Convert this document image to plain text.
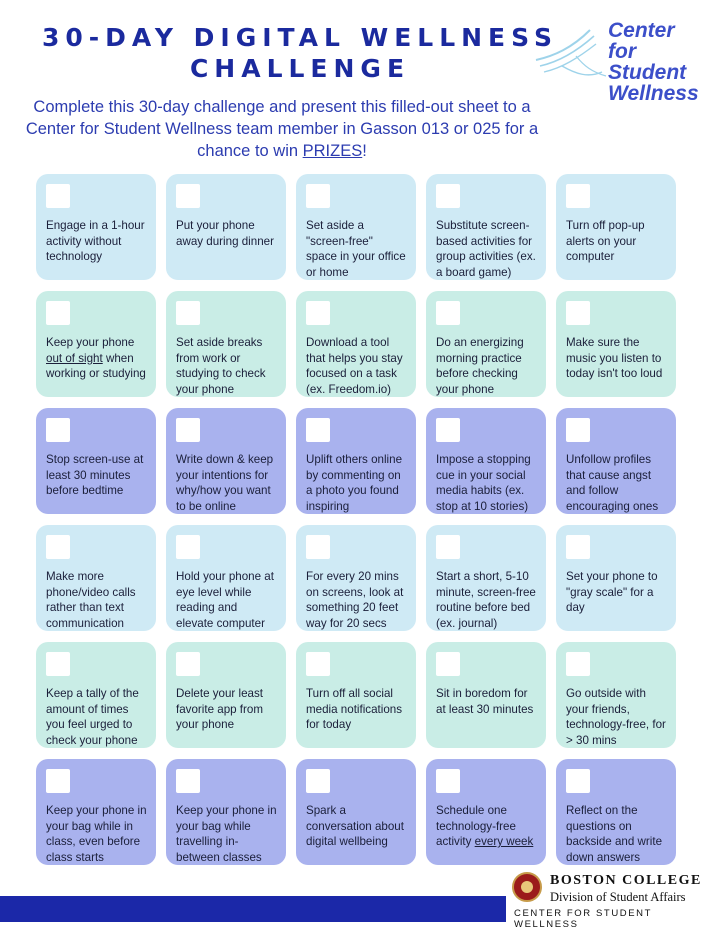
30-DAY DIGITAL WELLNESS
CHALLENGE
Center for
Student
Wellness
Complete this 30-day challenge and present this filled-out sheet to a Center for Student Wellness team member in Gasson 013 or 025 for a chance to win PRIZES!
Engage in a 1-hour activity without technology
Put your phone away during dinner
Set aside a "screen-free" space in your office or home
Substitute screen-based activities for group activities (ex. a board game)
Turn off pop-up alerts on your computer
Keep your phone out of sight when working or studying
Set aside breaks from work or studying to check your phone
Download a tool that helps you stay focused on a task (ex. Freedom.io)
Do an energizing morning practice before checking your phone
Make sure the music you listen to today isn't too loud
Stop screen-use at least 30 minutes before bedtime
Write down & keep your intentions for why/how you want to be online
Uplift others online by commenting on a photo you found inspiring
Impose a stopping cue in your social media habits (ex. stop at 10 stories)
Unfollow profiles that cause angst and follow encouraging ones
Make more phone/video calls rather than text communication
Hold your phone at eye level while reading and elevate computer
For every 20 mins on screens, look at something 20 feet way for 20 secs
Start a short, 5-10 minute, screen-free routine before bed (ex. journal)
Set your phone to "gray scale" for a day
Keep a tally of the amount of times you feel urged to check your phone
Delete your least favorite app from your phone
Turn off all social media notifications for today
Sit in boredom for at least 30 minutes
Go outside with your friends, technology-free, for > 30 mins
Keep your phone in your bag while in class, even before class starts
Keep your phone in your bag while travelling in-between classes
Spark a conversation about digital wellbeing
Schedule one technology-free activity every week
Reflect on the questions on backside and write down answers
BOSTON COLLEGE
Division of Student Affairs
CENTER FOR STUDENT WELLNESS
